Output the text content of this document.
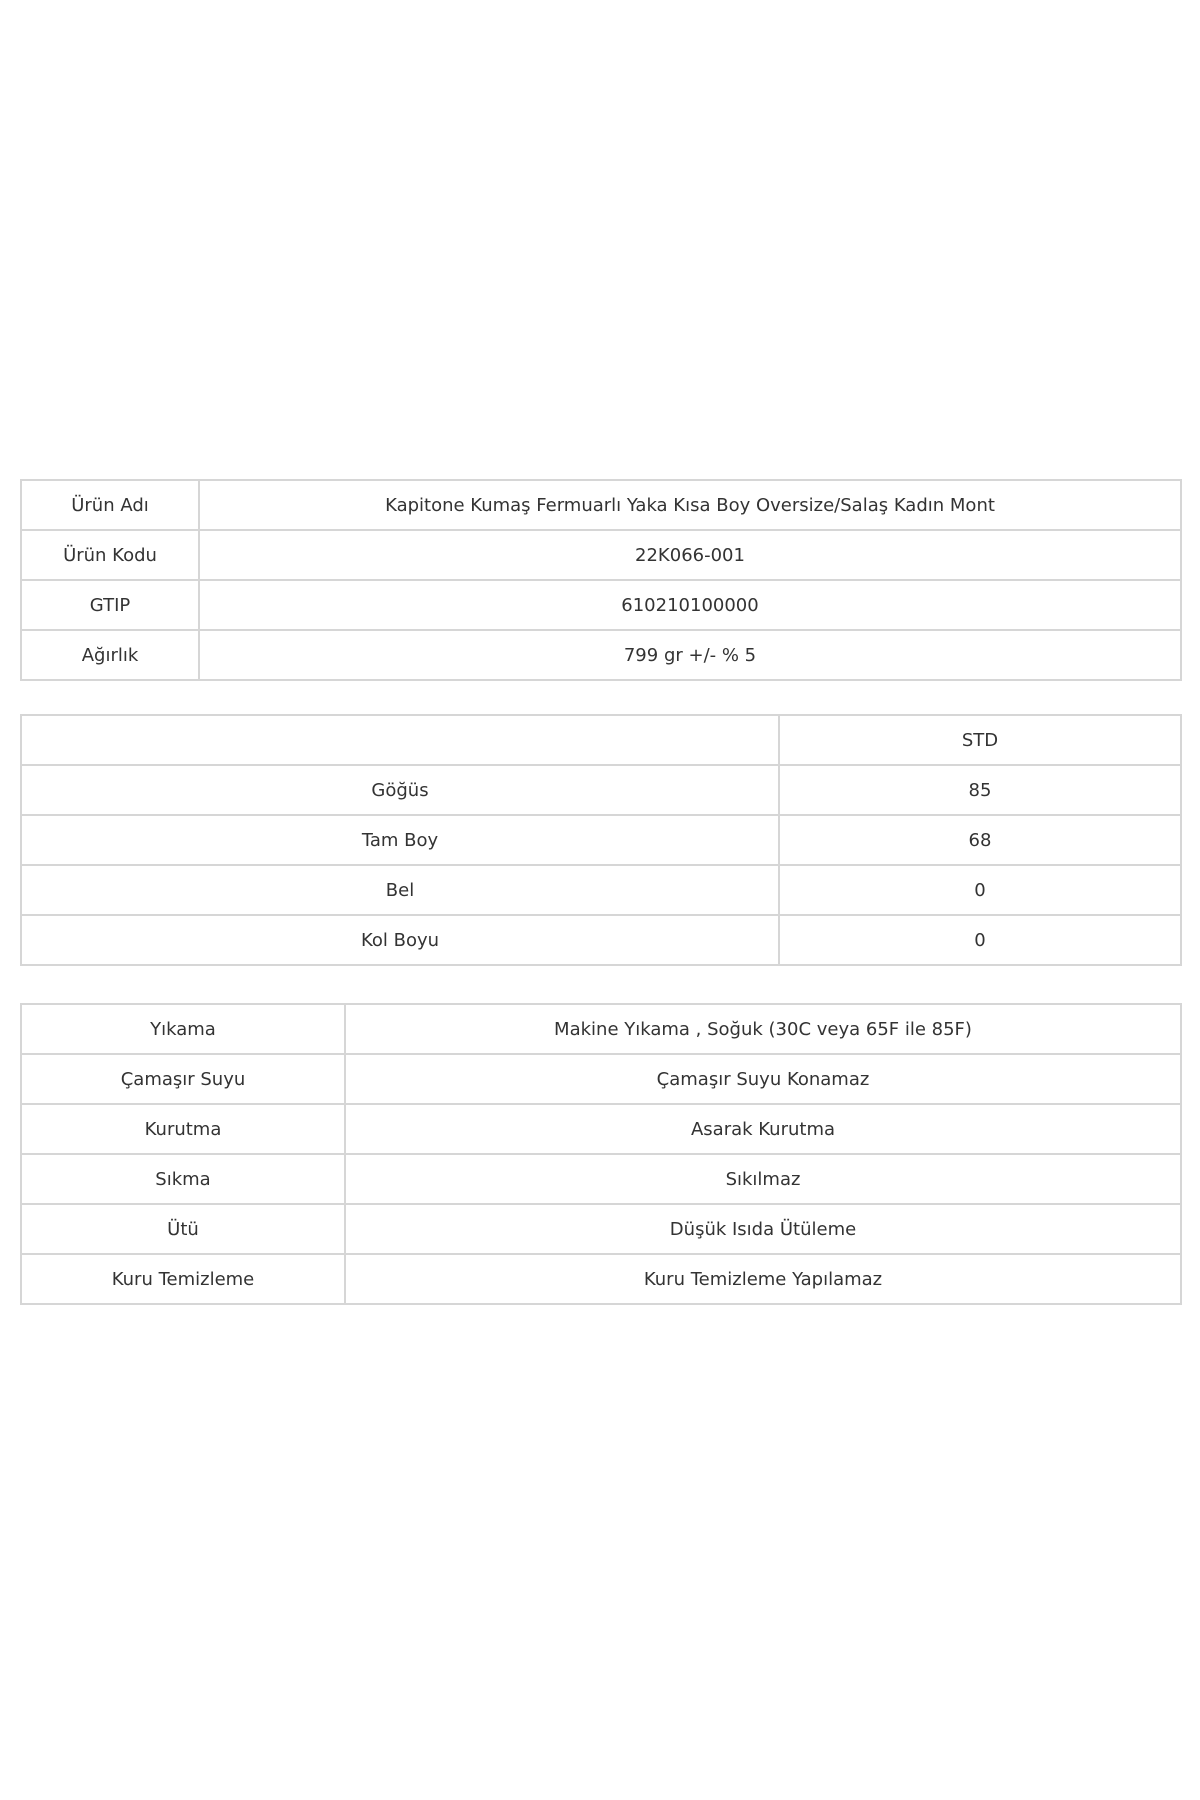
Ürün Adı	Kapitone Kumaş Fermuarlı Yaka Kısa Boy Oversize/Salaş Kadın Mont
Ürün Kodu	22K066-001
GTIP	610210100000
Ağırlık	799 gr +/- % 5
	STD
Göğüs	85
Tam Boy	68
Bel	0
Kol Boyu	0
Yıkama	Makine Yıkama , Soğuk (30C veya 65F ile 85F)
Çamaşır Suyu	Çamaşır Suyu Konamaz
Kurutma	Asarak Kurutma
Sıkma	Sıkılmaz
Ütü	Düşük Isıda Ütüleme
Kuru Temizleme	Kuru Temizleme Yapılamaz
